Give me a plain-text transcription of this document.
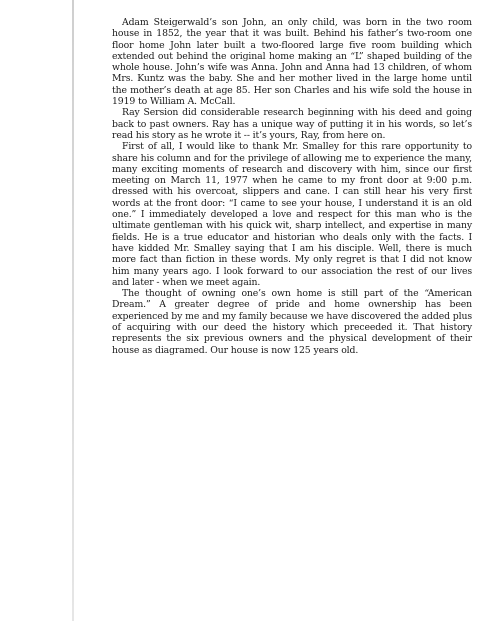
Adam Steigerwald’s son John, an only child, was born in the two room house in 1852, the year that it was built. Behind his father’s two-room one floor home John later built a two-floored large five room building which extended out behind the original home making an “L” shaped building of the whole house. John’s wife was Anna. John and Anna had 13 children, of whom Mrs. Kuntz was the baby. She and her mother lived in the large home until the mother’s death at age 85. Her son Charles and his wife sold the house in 1919 to William A. McCall.

Ray Sersion did considerable research beginning with his deed and going back to past owners. Ray has a unique way of putting it in his words, so let’s read his story as he wrote it -- it’s yours, Ray, from here on.

First of all, I would like to thank Mr. Smalley for this rare opportunity to share his column and for the privilege of allowing me to experience the many, many exciting moments of research and discovery with him, since our first meeting on March 11, 1977 when he came to my front door at 9:00 p.m. dressed with his overcoat, slippers and cane. I can still hear his very first words at the front door: “I came to see your house, I understand it is an old one.” I immediately developed a love and respect for this man who is the ultimate gentleman with his quick wit, sharp intellect, and expertise in many fields. He is a true educator and historian who deals only with the facts. I have kidded Mr. Smalley saying that I am his disciple. Well, there is much more fact than fiction in these words. My only regret is that I did not know him many years ago. I look forward to our association the rest of our lives and later - when we meet again.

The thought of owning one’s own home is still part of the “American Dream.” A greater degree of pride and home ownership has been experienced by me and my family because we have discovered the added plus of acquiring with our deed the history which preceeded it. That history represents the six previous owners and the physical development of their house as diagramed. Our house is now 125 years old.
